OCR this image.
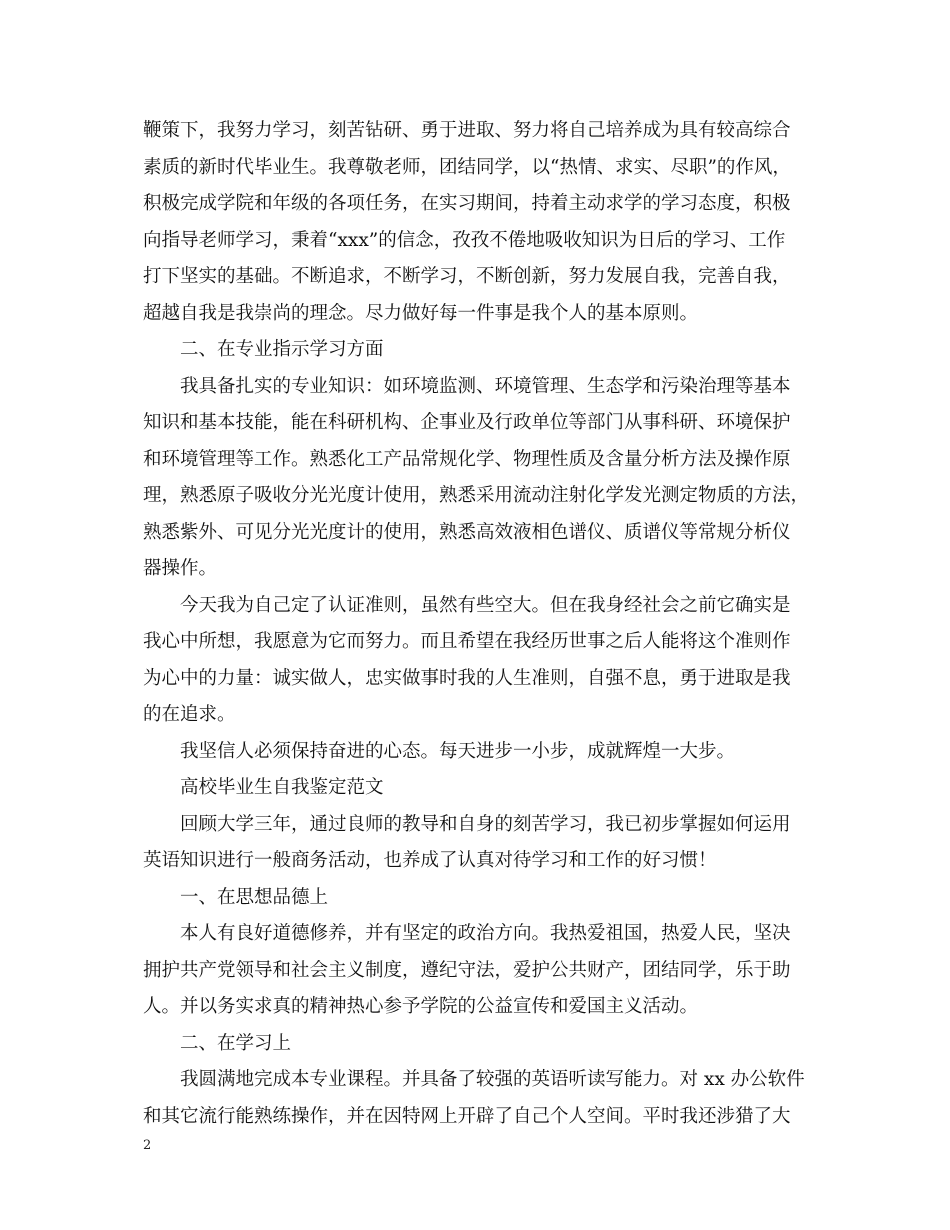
鞭策下，我努力学习，刻苦钻研、勇于进取、努力将自己培养成为具有较高综合
素质的新时代毕业生。我尊敬老师，团结同学，以“热情、求实、尽职”的作风，
积极完成学院和年级的各项任务，在实习期间，持着主动求学的学习态度，积极
向指导老师学习，秉着“xxx”的信念，孜孜不倦地吸收知识为日后的学习、工作
打下坚实的基础。不断追求，不断学习，不断创新，努力发展自我，完善自我，
超越自我是我崇尚的理念。尽力做好每一件事是我个人的基本原则。
二、在专业指示学习方面
我具备扎实的专业知识：如环境监测、环境管理、生态学和污染治理等基本
知识和基本技能，能在科研机构、企事业及行政单位等部门从事科研、环境保护
和环境管理等工作。熟悉化工产品常规化学、物理性质及含量分析方法及操作原
理，熟悉原子吸收分光光度计使用，熟悉采用流动注射化学发光测定物质的方法，
熟悉紫外、可见分光光度计的使用，熟悉高效液相色谱仪、质谱仪等常规分析仪
器操作。
今天我为自己定了认证准则，虽然有些空大。但在我身经社会之前它确实是
我心中所想，我愿意为它而努力。而且希望在我经历世事之后人能将这个准则作
为心中的力量：诚实做人，忠实做事时我的人生准则，自强不息，勇于进取是我
的在追求。
我坚信人必须保持奋进的心态。每天进步一小步，成就辉煌一大步。
高校毕业生自我鉴定范文
回顾大学三年，通过良师的教导和自身的刻苦学习，我已初步掌握如何运用
英语知识进行一般商务活动，也养成了认真对待学习和工作的好习惯！
一、在思想品德上
本人有良好道德修养，并有坚定的政治方向。我热爱祖国，热爱人民，坚决
拥护共产党领导和社会主义制度，遵纪守法，爱护公共财产，团结同学，乐于助
人。并以务实求真的精神热心参予学院的公益宣传和爱国主义活动。
二、在学习上
我圆满地完成本专业课程。并具备了较强的英语听读写能力。对 xx 办公软件
和其它流行能熟练操作，并在因特网上开辟了自己个人空间。平时我还涉猎了大
2
